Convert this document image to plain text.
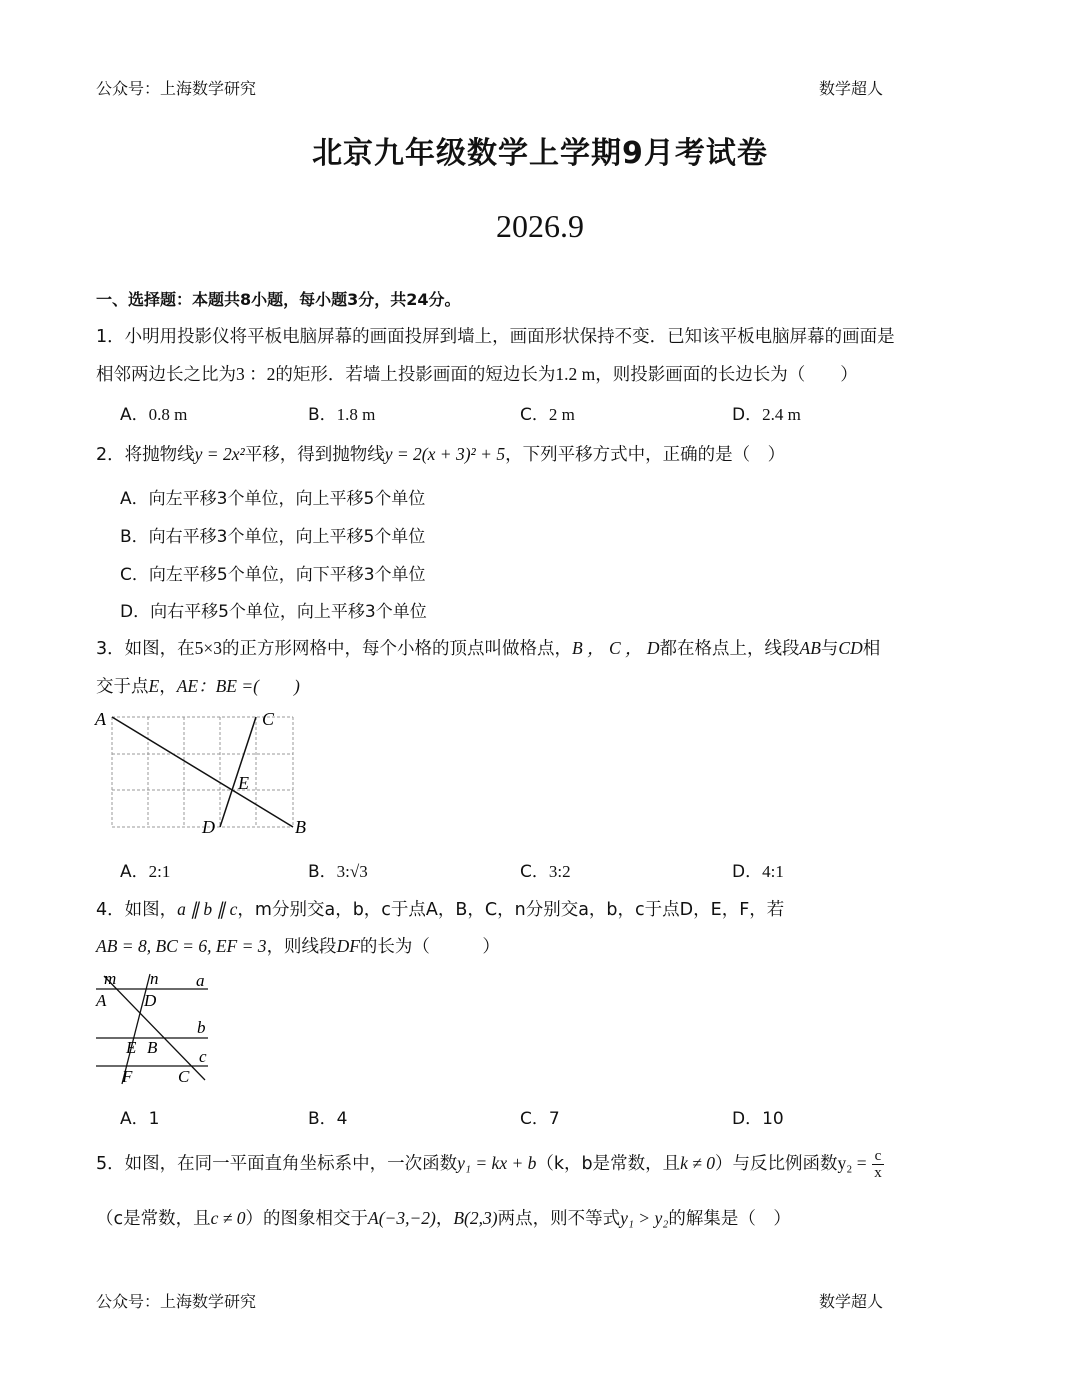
公众号：上海数学研究	数学超人
北京九年级数学上学期9月考试卷
2026.9
一、选择题：本题共8小题，每小题3分，共24分。
1．小明用投影仪将平板电脑屏幕的画面投屏到墙上，画面形状保持不变．已知该平板电脑屏幕的画面是
相邻两边长之比为3 ：2的矩形．若墙上投影画面的短边长为1.2 m，则投影画面的长边长为（　　）
A．0.8 m	B．1.8 m	C．2 m	D．2.4 m
2．将抛物线y = 2x²平移，得到抛物线y = 2(x + 3)² + 5，下列平移方式中，正确的是（　）
A．向左平移3个单位，向上平移5个单位
B．向右平移3个单位，向上平移5个单位
C．向左平移5个单位，向下平移3个单位
D．向右平移5个单位，向上平移3个单位
3．如图，在5×3的正方形网格中，每个小格的顶点叫做格点，B ， C ， D都在格点上，线段AB与CD相
交于点E，AE：BE =(　　)
A	C
E
D	B
A．2:1	B．3:√3	C．3:2	D．4:1
4．如图，a ∥ b ∥ c，m分别交a，b，c于点A，B，C，n分别交a，b，c于点D，E，F，若
AB = 8, BC = 6, EF = 3，则线段DF的长为（　　　）
m n a
A D
b
E B c
F	C
A．1	B．4	C．7	D．10
5．如图，在同一平面直角坐标系中，一次函数y₁ = kx + b（k，b是常数，且k ≠ 0）与反比例函数$y_2 = \frac{c}{x}$
（c是常数，且c ≠ 0）的图象相交于A(−3,−2)，B(2,3)两点，则不等式y₁ > y₂的解集是（　）
公众号：上海数学研究	数学超人
